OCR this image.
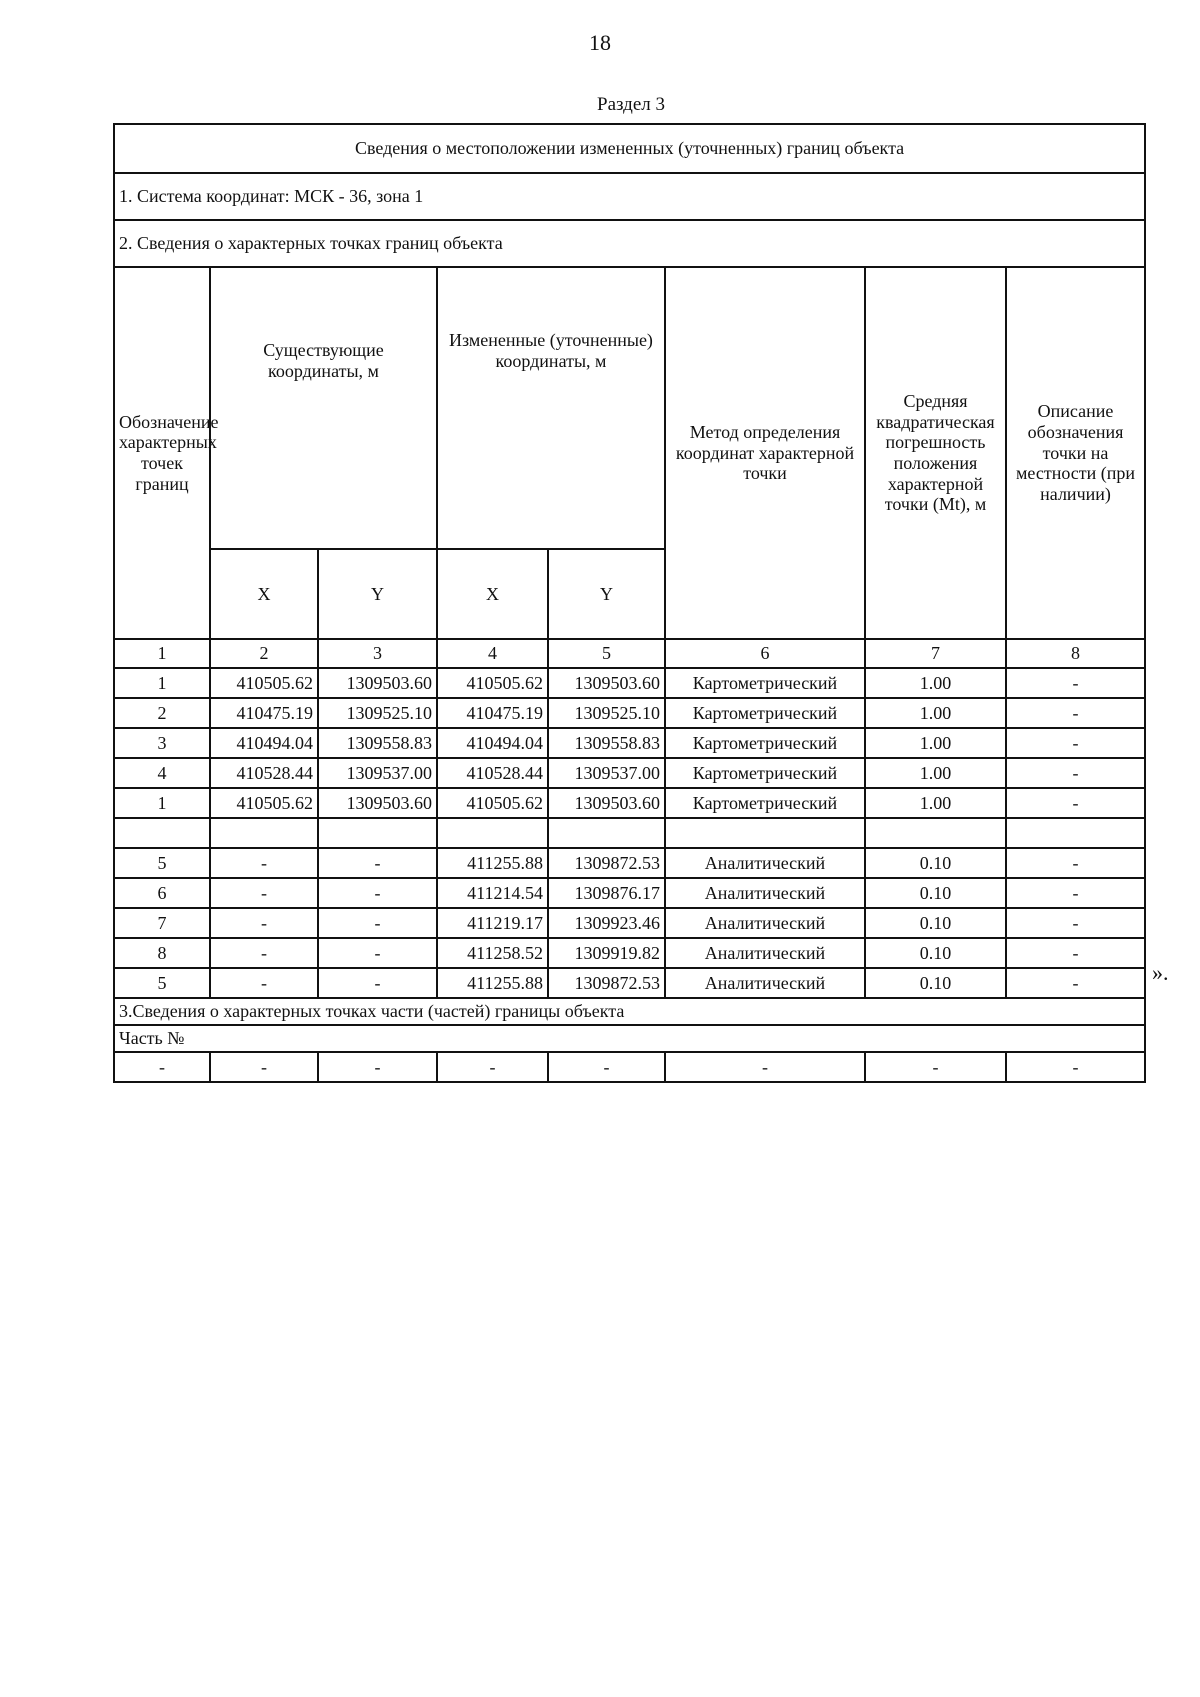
18
Раздел 3
Сведения о местоположении измененных (уточненных) границ объекта							
1. Система координат: МСК - 36, зона 1							
2. Сведения о характерных точках границ объекта							
Обозначение характерных точек границ	Существующие координаты, м		Измененные (уточненные) координаты, м		Метод определения координат характерной точки	Средняя квадратическая погрешность положения характерной точки (Mt), м	Описание обозначения точки на местности (при наличии)
	X	Y	X	Y			
1	2	3	4	5	6	7	8
1	410505.62	1309503.60	410505.62	1309503.60	Картометрический	1.00	-
2	410475.19	1309525.10	410475.19	1309525.10	Картометрический	1.00	-
3	410494.04	1309558.83	410494.04	1309558.83	Картометрический	1.00	-
4	410528.44	1309537.00	410528.44	1309537.00	Картометрический	1.00	-
1	410505.62	1309503.60	410505.62	1309503.60	Картометрический	1.00	-

5	-	-	411255.88	1309872.53	Аналитический	0.10	-
6	-	-	411214.54	1309876.17	Аналитический	0.10	-
7	-	-	411219.17	1309923.46	Аналитический	0.10	-
8	-	-	411258.52	1309919.82	Аналитический	0.10	-
5	-	-	411255.88	1309872.53	Аналитический	0.10	-
3.Сведения о характерных точках части (частей) границы объекта							
Часть №							
-	-	-	-	-	-	-	-
».
